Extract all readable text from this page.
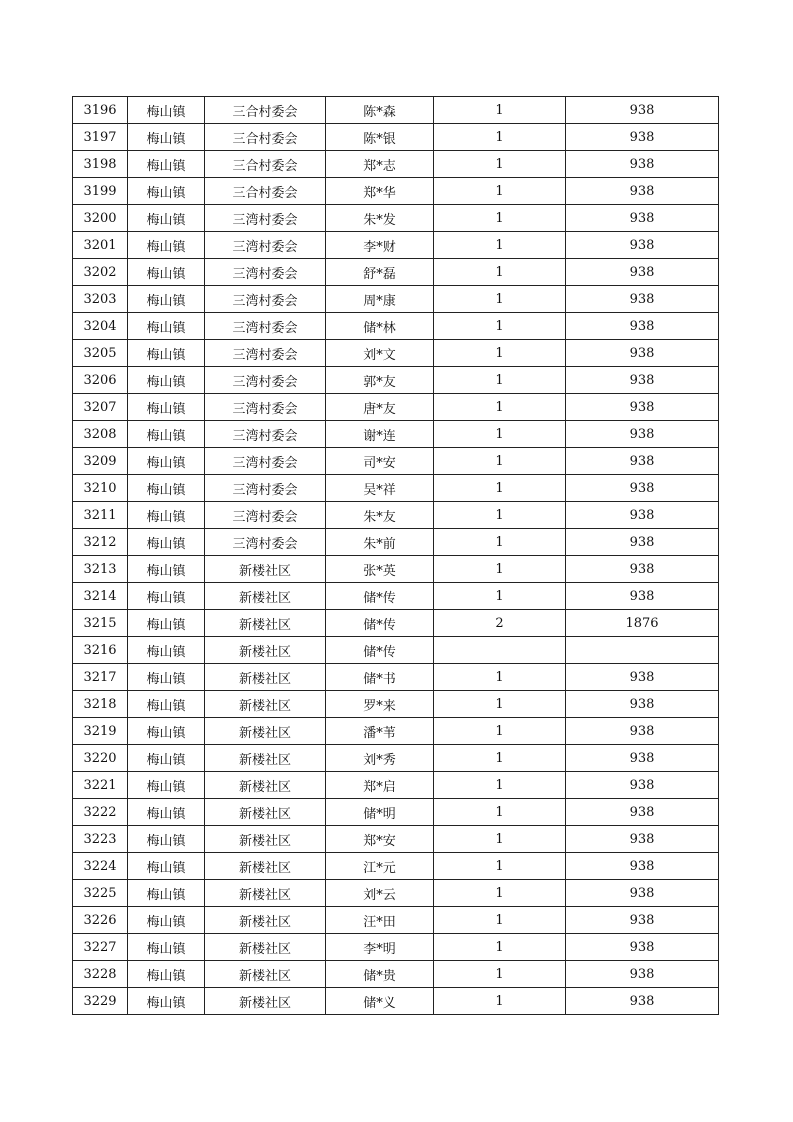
3196	梅山镇	三合村委会	陈*森	1	938
3197	梅山镇	三合村委会	陈*银	1	938
3198	梅山镇	三合村委会	郑*志	1	938
3199	梅山镇	三合村委会	郑*华	1	938
3200	梅山镇	三湾村委会	朱*发	1	938
3201	梅山镇	三湾村委会	李*财	1	938
3202	梅山镇	三湾村委会	舒*磊	1	938
3203	梅山镇	三湾村委会	周*康	1	938
3204	梅山镇	三湾村委会	储*林	1	938
3205	梅山镇	三湾村委会	刘*文	1	938
3206	梅山镇	三湾村委会	郭*友	1	938
3207	梅山镇	三湾村委会	唐*友	1	938
3208	梅山镇	三湾村委会	谢*连	1	938
3209	梅山镇	三湾村委会	司*安	1	938
3210	梅山镇	三湾村委会	吴*祥	1	938
3211	梅山镇	三湾村委会	朱*友	1	938
3212	梅山镇	三湾村委会	朱*前	1	938
3213	梅山镇	新楼社区	张*英	1	938
3214	梅山镇	新楼社区	储*传	1	938
3215	梅山镇	新楼社区	储*传	2	1876
3216	梅山镇	新楼社区	储*传		
3217	梅山镇	新楼社区	储*书	1	938
3218	梅山镇	新楼社区	罗*来	1	938
3219	梅山镇	新楼社区	潘*苇	1	938
3220	梅山镇	新楼社区	刘*秀	1	938
3221	梅山镇	新楼社区	郑*启	1	938
3222	梅山镇	新楼社区	储*明	1	938
3223	梅山镇	新楼社区	郑*安	1	938
3224	梅山镇	新楼社区	江*元	1	938
3225	梅山镇	新楼社区	刘*云	1	938
3226	梅山镇	新楼社区	汪*田	1	938
3227	梅山镇	新楼社区	李*明	1	938
3228	梅山镇	新楼社区	储*贵	1	938
3229	梅山镇	新楼社区	储*义	1	938
